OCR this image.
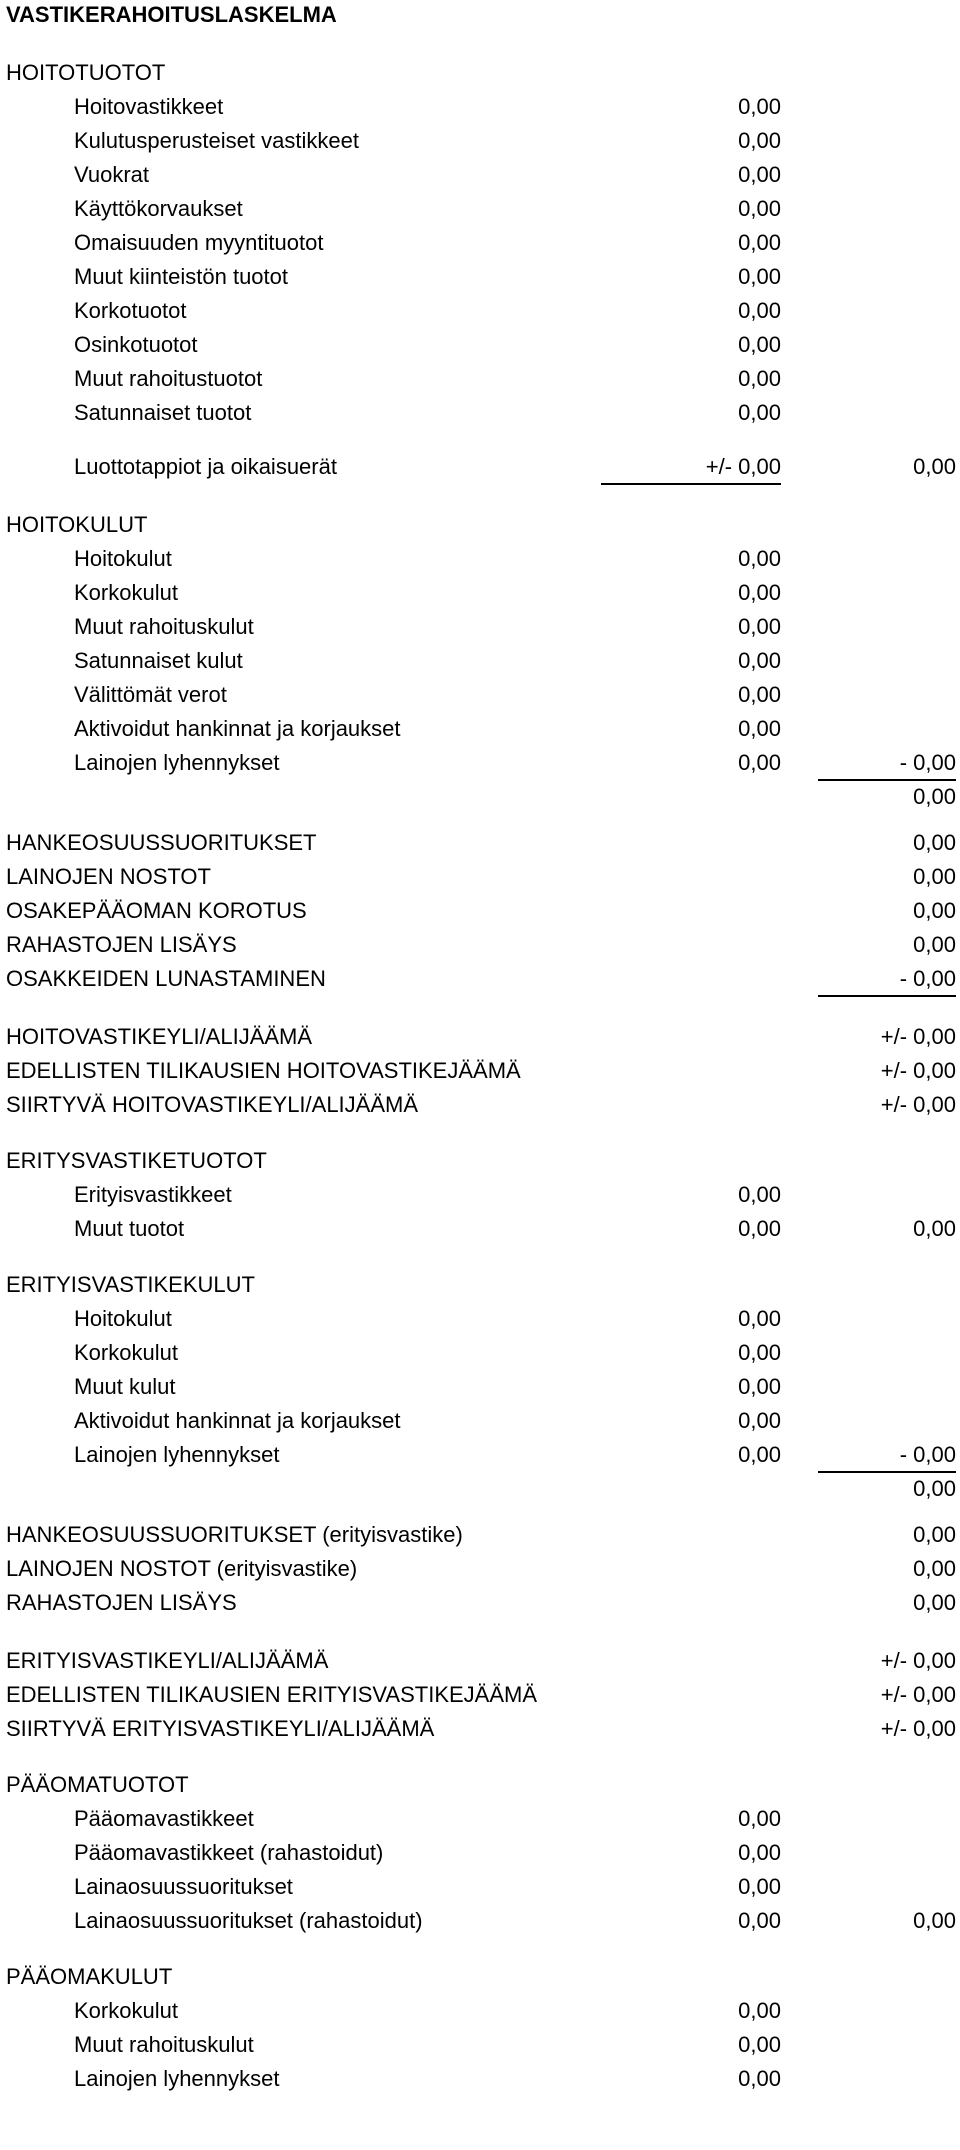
VASTIKERAHOITUSLASKELMA
HOITOTUOTOT
Hoitovastikkeet	0,00
Kulutusperusteiset vastikkeet	0,00
Vuokrat	0,00
Käyttökorvaukset	0,00
Omaisuuden myyntituotot	0,00
Muut kiinteistön tuotot	0,00
Korkotuotot	0,00
Osinkotuotot	0,00
Muut rahoitustuotot	0,00
Satunnaiset tuotot	0,00
Luottotappiot ja oikaisuerät	+/- 0,00	0,00
HOITOKULUT
Hoitokulut	0,00
Korkokulut	0,00
Muut rahoituskulut	0,00
Satunnaiset kulut	0,00
Välittömät verot	0,00
Aktivoidut hankinnat ja korjaukset	0,00
Lainojen lyhennykset	0,00	- 0,00
0,00
HANKEOSUUSSUORITUKSET	0,00
LAINOJEN NOSTOT	0,00
OSAKEPÄÄOMAN KOROTUS	0,00
RAHASTOJEN LISÄYS	0,00
OSAKKEIDEN LUNASTAMINEN	- 0,00
HOITOVASTIKEYLI/ALIJÄÄMÄ	+/- 0,00
EDELLISTEN TILIKAUSIEN HOITOVASTIKEJÄÄMÄ	+/- 0,00
SIIRTYVÄ HOITOVASTIKEYLI/ALIJÄÄMÄ	+/- 0,00
ERITYSVASTIKETUOTOT
Erityisvastikkeet	0,00
Muut tuotot	0,00	0,00
ERITYISVASTIKEKULUT
Hoitokulut	0,00
Korkokulut	0,00
Muut kulut	0,00
Aktivoidut hankinnat ja korjaukset	0,00
Lainojen lyhennykset	0,00	- 0,00
0,00
HANKEOSUUSSUORITUKSET (erityisvastike)	0,00
LAINOJEN NOSTOT (erityisvastike)	0,00
RAHASTOJEN LISÄYS	0,00
ERITYISVASTIKEYLI/ALIJÄÄMÄ	+/- 0,00
EDELLISTEN TILIKAUSIEN ERITYISVASTIKEJÄÄMÄ	+/- 0,00
SIIRTYVÄ ERITYISVASTIKEYLI/ALIJÄÄMÄ	+/- 0,00
PÄÄOMATUOTOT
Pääomavastikkeet	0,00
Pääomavastikkeet (rahastoidut)	0,00
Lainaosuussuoritukset	0,00
Lainaosuussuoritukset (rahastoidut)	0,00	0,00
PÄÄOMAKULUT
Korkokulut	0,00
Muut rahoituskulut	0,00
Lainojen lyhennykset	0,00
